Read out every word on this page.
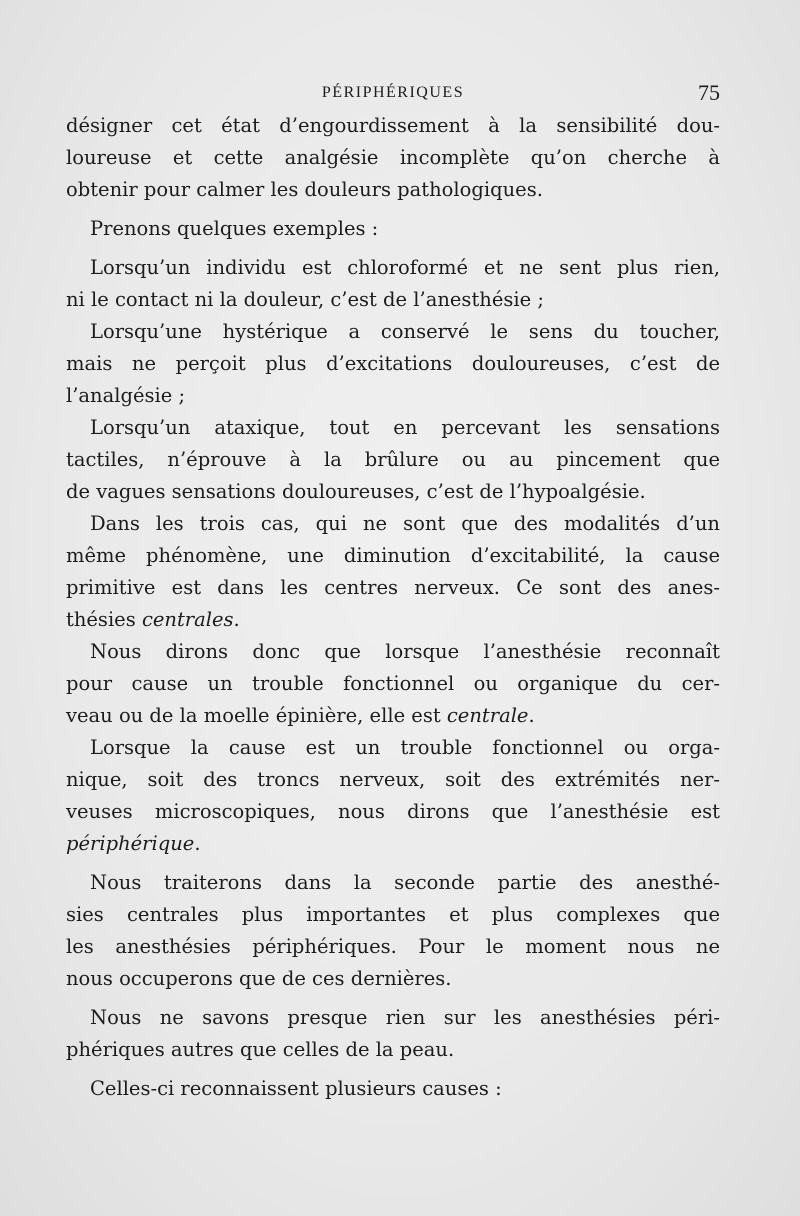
PÉRIPHÉRIQUES	75
désigner cet état d’engourdissement à la sensibilité dou-
loureuse et cette analgésie incomplète qu’on cherche à
obtenir pour calmer les douleurs pathologiques.
Prenons quelques exemples :
Lorsqu’un individu est chloroformé et ne sent plus rien,
ni le contact ni la douleur, c’est de l’anesthésie ;
Lorsqu’une hystérique a conservé le sens du toucher,
mais ne perçoit plus d’excitations douloureuses, c’est de
l’analgésie ;
Lorsqu’un ataxique, tout en percevant les sensations
tactiles, n’éprouve à la brûlure ou au pincement que
de vagues sensations douloureuses, c’est de l’hypoalgésie.
Dans les trois cas, qui ne sont que des modalités d’un
même phénomène, une diminution d’excitabilité, la cause
primitive est dans les centres nerveux. Ce sont des anes-
thésies centrales.
Nous dirons donc que lorsque l’anesthésie reconnaît
pour cause un trouble fonctionnel ou organique du cer-
veau ou de la moelle épinière, elle est centrale.
Lorsque la cause est un trouble fonctionnel ou orga-
nique, soit des troncs nerveux, soit des extrémités ner-
veuses microscopiques, nous dirons que l’anesthésie est
périphérique.
Nous traiterons dans la seconde partie des anesthé-
sies centrales plus importantes et plus complexes que
les anesthésies périphériques. Pour le moment nous ne
nous occuperons que de ces dernières.
Nous ne savons presque rien sur les anesthésies péri-
phériques autres que celles de la peau.
Celles-ci reconnaissent plusieurs causes :
